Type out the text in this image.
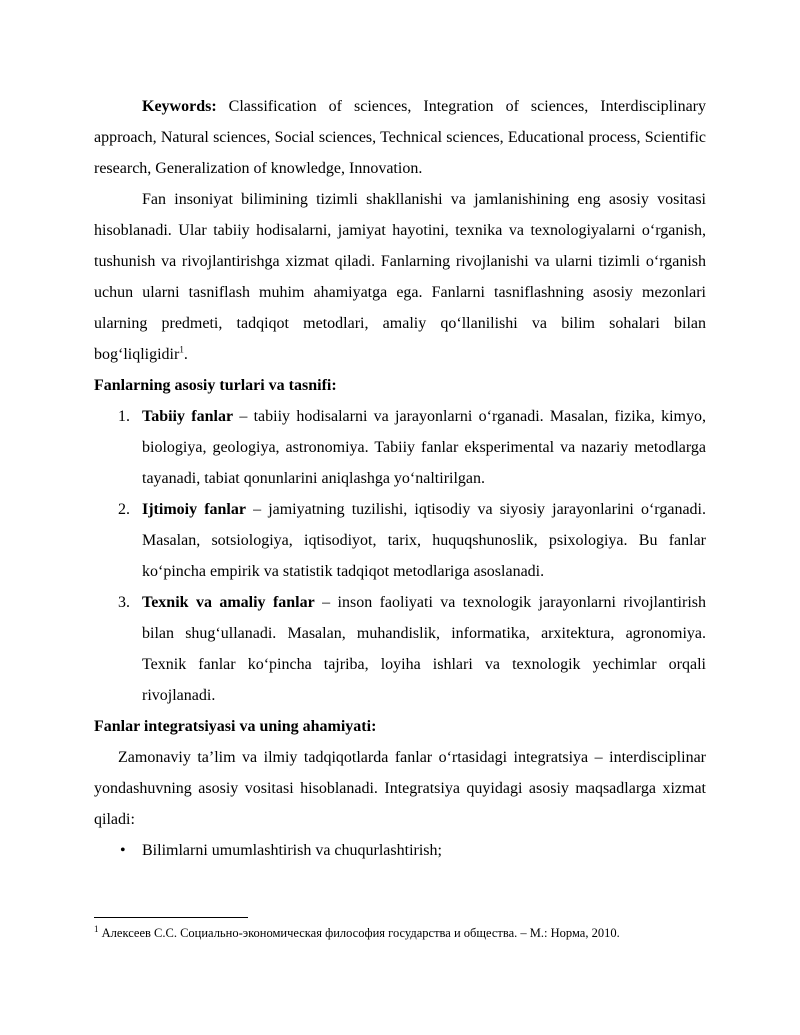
Keywords: Classification of sciences, Integration of sciences, Interdisciplinary approach, Natural sciences, Social sciences, Technical sciences, Educational process, Scientific research, Generalization of knowledge, Innovation.

Fan insoniyat bilimining tizimli shakllanishi va jamlanishining eng asosiy vositasi hisoblanadi. Ular tabiiy hodisalarni, jamiyat hayotini, texnika va texnologiyalarni o‘rganish, tushunish va rivojlantirishga xizmat qiladi. Fanlarning rivojlanishi va ularni tizimli o‘rganish uchun ularni tasniflash muhim ahamiyatga ega. Fanlarni tasniflashning asosiy mezonlari ularning predmeti, tadqiqot metodlari, amaliy qo‘llanilishi va bilim sohalari bilan bog‘liqligidir$^1$.

Fanlarning asosiy turlari va tasnifi:

1. Tabiiy fanlar – tabiiy hodisalarni va jarayonlarni o‘rganadi. Masalan, fizika, kimyo, biologiya, geologiya, astronomiya. Tabiiy fanlar eksperimental va nazariy metodlarga tayanadi, tabiat qonunlarini aniqlashga yo‘naltirilgan.
2. Ijtimoiy fanlar – jamiyatning tuzilishi, iqtisodiy va siyosiy jarayonlarini o‘rganadi. Masalan, sotsiologiya, iqtisodiyot, tarix, huquqshunoslik, psixologiya. Bu fanlar ko‘pincha empirik va statistik tadqiqot metodlariga asoslanadi.
3. Texnik va amaliy fanlar – inson faoliyati va texnologik jarayonlarni rivojlantirish bilan shug‘ullanadi. Masalan, muhandislik, informatika, arxitektura, agronomiya. Texnik fanlar ko‘pincha tajriba, loyiha ishlari va texnologik yechimlar orqali rivojlanadi.

Fanlar integratsiyasi va uning ahamiyati:

Zamonaviy ta’lim va ilmiy tadqiqotlarda fanlar o‘rtasidagi integratsiya – interdisciplinar yondashuvning asosiy vositasi hisoblanadi. Integratsiya quyidagi asosiy maqsadlarga xizmat qiladi:

• Bilimlarni umumlashtirish va chuqurlashtirish;
$^1$ Алексеев С.С. Социально-экономическая философия государства и общества. – М.: Норма, 2010.
